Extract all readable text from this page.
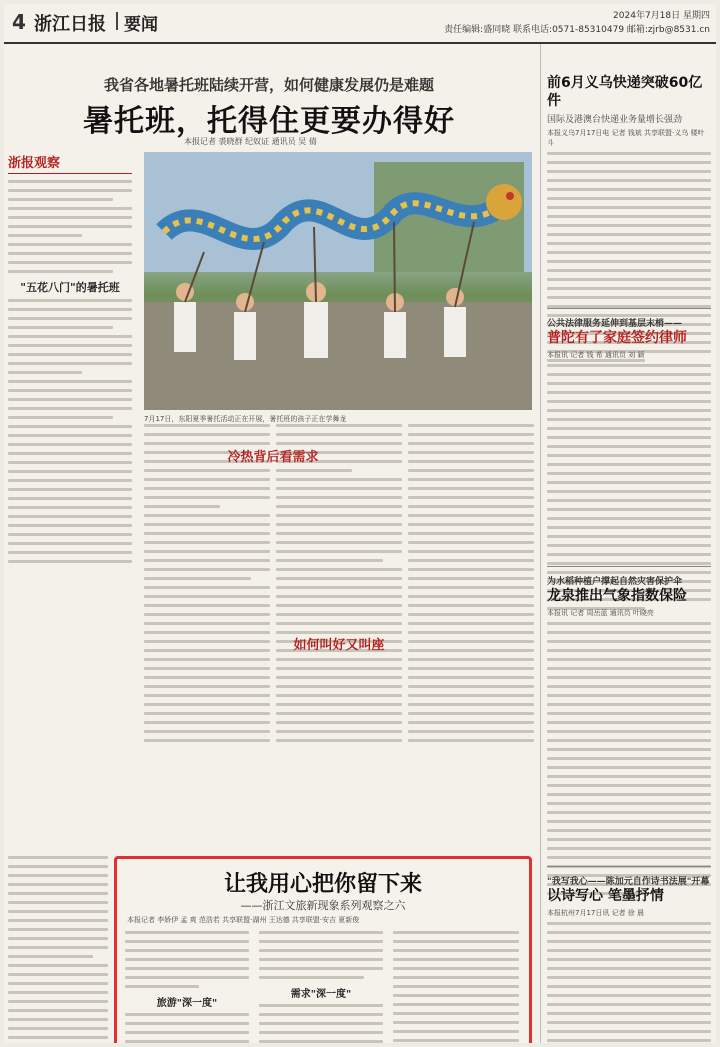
4 浙江日报 要闻	2024年7月18日 星期四
责任编辑:盛同晓 联系电话:0571-85310479 邮箱:zjrb@8531.cn
我省各地暑托班陆续开营，如何健康发展仍是难题
暑托班，托得住更要办得好
本报记者 裘晓群 纪奴证 通讯员 吴 倩
浙报观察
"五花八门"的暑托班
7月17日，东阳夏季暑托活动正在开展，暑托班的孩子正在学舞龙
冷热背后看需求
如何叫好又叫座
让我用心把你留下来
——浙江文旅新现象系列观察之六
本报记者 李娇伊 孟 爽 范浩若 共享联盟·湖州 王达德 共享联盟·安吉 夏新俊
旅游"深一度"
需求"深一度"
前6月义乌快递突破60亿件
国际及港澳台快递业务量增长强劲
本报义乌7月17日电 记者 钱斌 共享联盟·义乌 楼叶斗
公共法律服务延伸到基层末梢——
普陀有了家庭签约律师
本报讯 记者 钱 希 通讯员 刘 颖
为水稻种植户撑起自然灾害保护伞
龙泉推出气象指数保险
本报讯 记者 周岳蓝 通讯员 叶晓亮
"我写我心——陈加元自作诗书法展"开幕
以诗写心 笔墨抒情
本报杭州7月17日讯 记者 徐 晨
